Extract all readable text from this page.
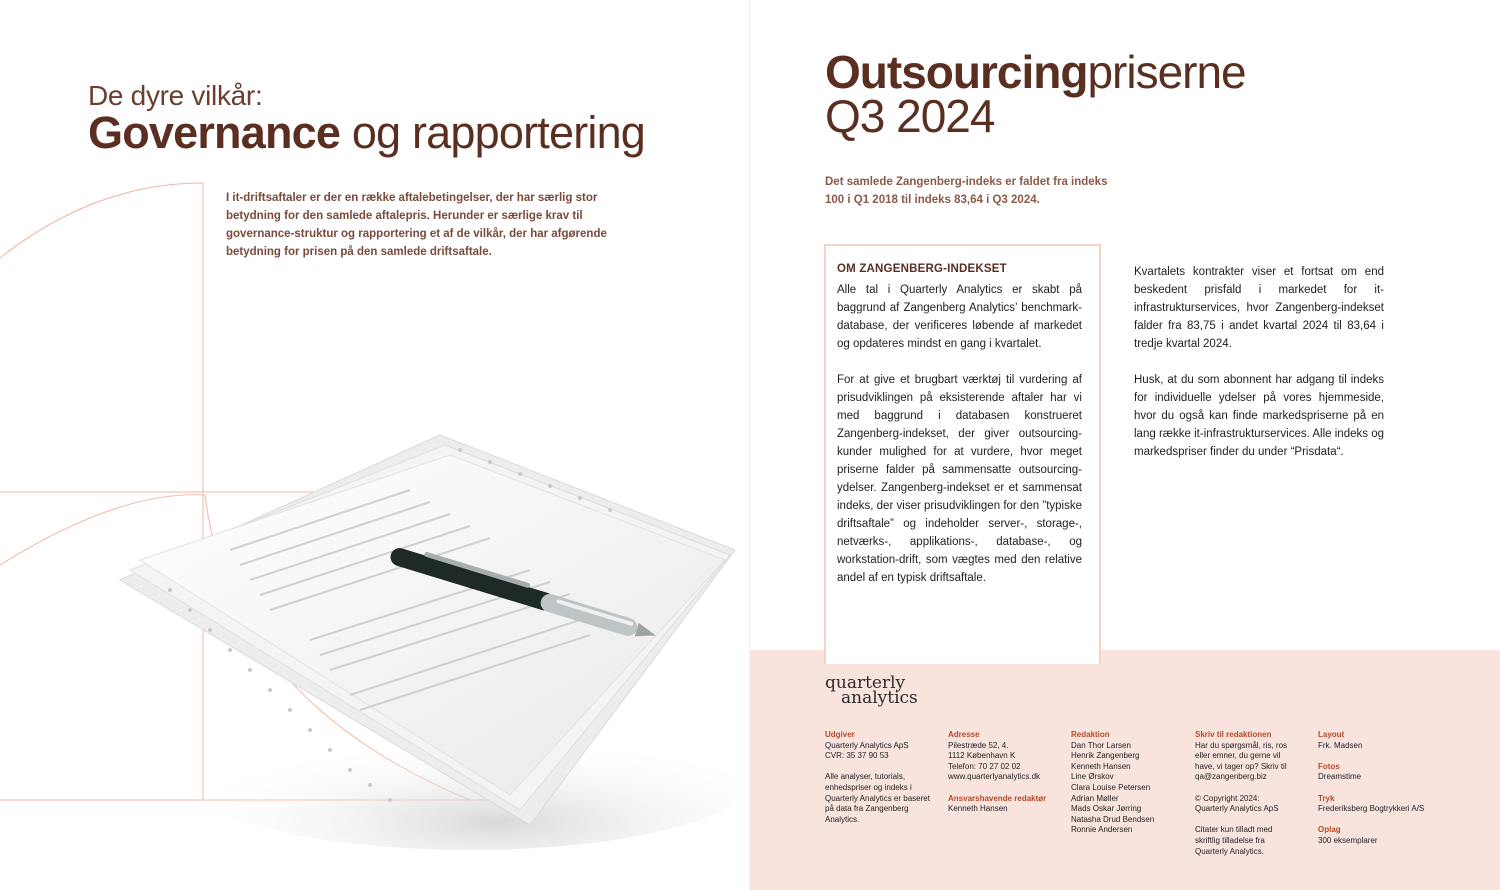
De dyre vilkår:
Governance og rapportering
Outsourcingpriserne
Q3 2024
Det samlede Zangenberg-indeks er faldet fra indeks 100 i Q1 2018 til indeks 83,64 i Q3 2024.
OM ZANGENBERG-INDEKSET

Alle tal i Quarterly Analytics er skabt på baggrund af Zangenberg Analytics’ benchmark-database, der verificeres løbende af markedet og opdateres mindst en gang i kvartalet.

For at give et brugbart værktøj til vurdering af prisudviklingen på eksisterende aftaler har vi med baggrund i databasen konstrueret Zangenberg-indekset, der giver outsourcing-kunder mulighed for at vurdere, hvor meget priserne falder på sammensatte outsourcing-ydelser. Zangenberg-indekset er et sammensat indeks, der viser prisudviklingen for den ”typiske driftsaftale” og indeholder server-, storage-, netværks-, applikations-, database-, og workstation-drift, som vægtes med den relative andel af en typisk driftsaftale.

Kvartalets kontrakter viser et fortsat om end beskedent prisfald i markedet for it-infrastrukturservices, hvor Zangenberg-indekset falder fra 83,75 i andet kvartal 2024 til 83,64 i tredje kvartal 2024.

Husk, at du som abonnent har adgang til indeks for individuelle ydelser på vores hjemmeside, hvor du også kan finde markedspriserne på en lang række it-infrastrukturservices. Alle indeks og markedspriser finder du under “Prisdata“.

quarterly
analytics
Udgiver
Quarterly Analytics ApS
CVR: 35 37 90 53
Alle analyser, tutorials,
enhedspriser og indeks i
Quarterly Analytics er baseret
på data fra Zangenberg
Analytics.
Adresse
Pilestræde 52, 4.
1112 København K
Telefon: 70 27 02 02
www.quarterlyanalytics.dk
Ansvarshavende redaktør
Kenneth Hansen
Redaktion
Dan Thor Larsen
Henrik Zangenberg
Kenneth Hansen
Line Ørskov
Clara Louise Petersen
Adrian Møller
Mads Oskar Jørring
Natasha Drud Bendsen
Ronnie Andersen
Skriv til redaktionen
Har du spørgsmål, ris, ros
eller emner, du gerne vil
have, vi tager op? Skriv til
qa@zangenberg.biz
© Copyright 2024:
Quarterly Analytics ApS
Citater kun tilladt med
skriftlig tilladelse fra
Quarterly Analytics.
Layout
Frk. Madsen
Fotos
Dreamstime
Tryk
Frederiksberg Bogtrykkeri A/S
Oplag
300 eksemplarer
I it-driftsaftaler er der en række aftalebetingelser, der har særlig stor betydning for den samlede aftalepris. Herunder er særlige krav til governance-struktur og rapportering et af de vilkår, der har afgørende betydning for prisen på den samlede driftsaftale.
